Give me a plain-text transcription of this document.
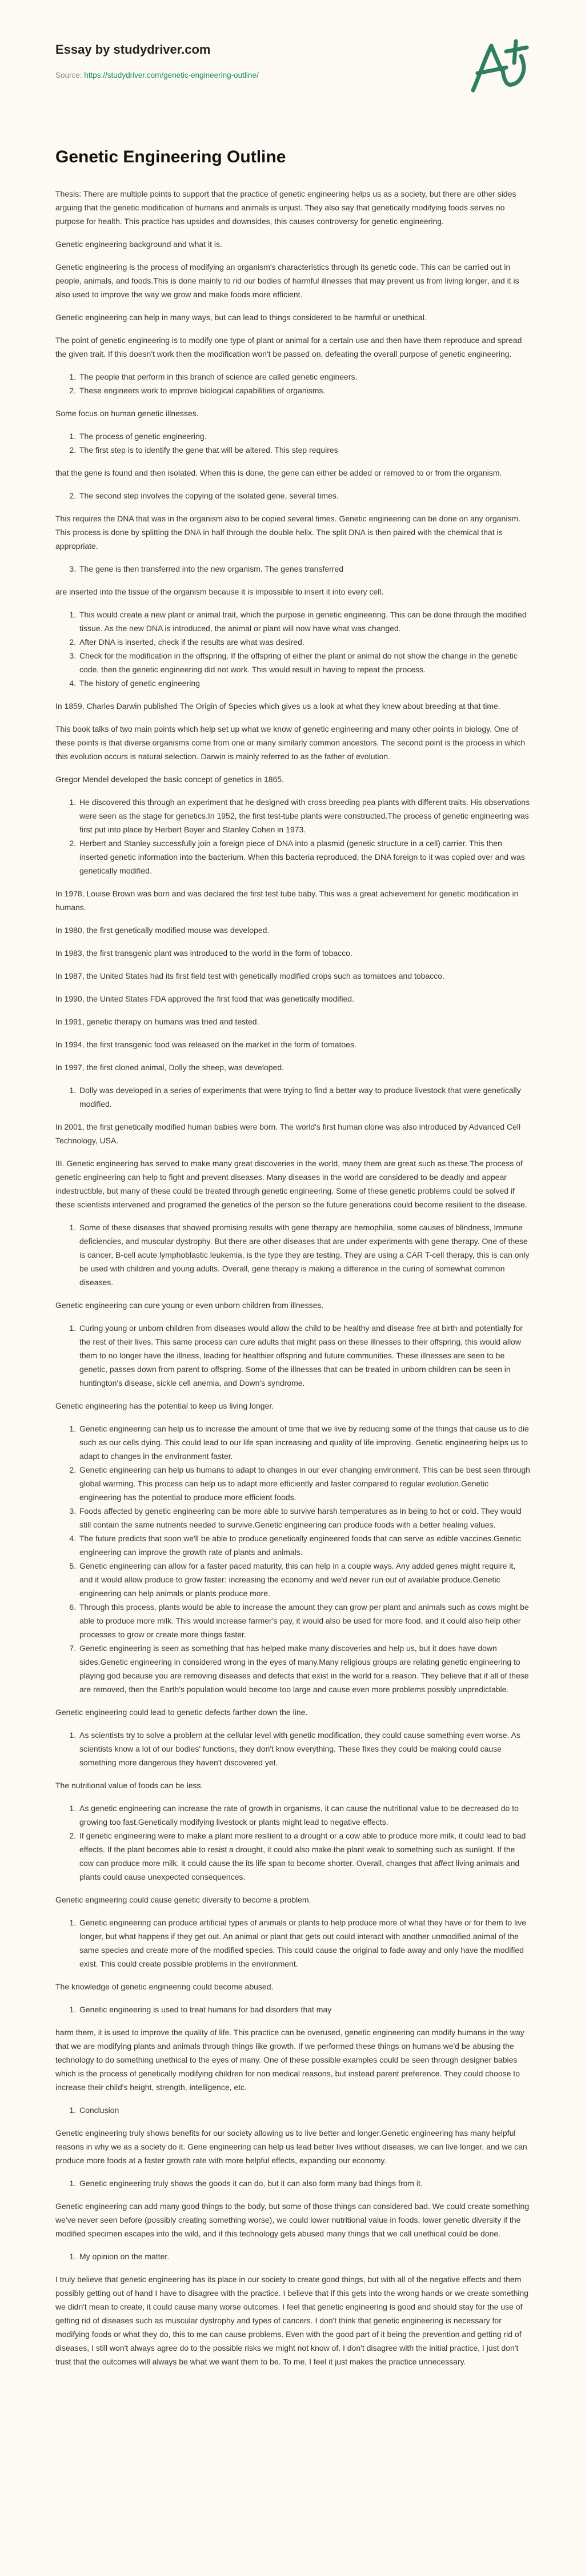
Essay by studydriver.com
Source: https://studydriver.com/genetic-engineering-outline/
Genetic Engineering Outline

Thesis: There are multiple points to support that the practice of genetic engineering helps us as a society, but there are other sides arguing that the genetic modification of humans and animals is unjust. They also say that genetically modifying foods serves no purpose for health. This practice has upsides and downsides, this causes controversy for genetic engineering.

Genetic engineering background and what it is.

Genetic engineering is the process of modifying an organism's characteristics through its genetic code. This can be carried out in people, animals, and foods.This is done mainly to rid our bodies of harmful illnesses that may prevent us from living longer, and it is also used to improve the way we grow and make foods more efficient.

Genetic engineering can help in many ways, but can lead to things considered to be harmful or unethical.

The point of genetic engineering is to modify one type of plant or animal for a certain use and then have them reproduce and spread the given trait. If this doesn't work then the modification won't be passed on, defeating the overall purpose of genetic engineering.

1. The people that perform in this branch of science are called genetic engineers.
2. These engineers work to improve biological capabilities of organisms.

Some focus on human genetic illnesses.

1. The process of genetic engineering.
2. The first step is to identify the gene that will be altered. This step requires

that the gene is found and then isolated. When this is done, the gene can either be added or removed to or from the organism.

2. The second step involves the copying of the isolated gene, several times.

This requires the DNA that was in the organism also to be copied several times. Genetic engineering can be done on any organism. This process is done by splitting the DNA in half through the double helix. The split DNA is then paired with the chemical that is appropriate.

3. The gene is then transferred into the new organism. The genes transferred

are inserted into the tissue of the organism because it is impossible to insert it into every cell.

1. This would create a new plant or animal trait, which the purpose in genetic engineering. This can be done through the modified tissue. As the new DNA is introduced, the animal or plant will now have what was changed.
2. After DNA is inserted, check if the results are what was desired.
3. Check for the modification in the offspring. If the offspring of either the plant or animal do not show the change in the genetic code, then the genetic engineering did not work. This would result in having to repeat the process.
4. The history of genetic engineering

In 1859, Charles Darwin published The Origin of Species which gives us a look at what they knew about breeding at that time.

This book talks of two main points which help set up what we know of genetic engineering and many other points in biology. One of these points is that diverse organisms come from one or many similarly common ancestors. The second point is the process in which this evolution occurs is natural selection. Darwin is mainly referred to as the father of evolution.

Gregor Mendel developed the basic concept of genetics in 1865.

1. He discovered this through an experiment that he designed with cross breeding pea plants with different traits. His observations were seen as the stage for genetics.In 1952, the first test-tube plants were constructed.The process of genetic engineering was first put into place by Herbert Boyer and Stanley Cohen in 1973.
2. Herbert and Stanley successfully join a foreign piece of DNA into a plasmid (genetic structure in a cell) carrier. This then inserted genetic information into the bacterium. When this bacteria reproduced, the DNA foreign to it was copied over and was genetically modified.

In 1978, Louise Brown was born and was declared the first test tube baby. This was a great achievement for genetic modification in humans.

In 1980, the first genetically modified mouse was developed.

In 1983, the first transgenic plant was introduced to the world in the form of tobacco.

In 1987, the United States had its first field test with genetically modified crops such as tomatoes and tobacco.

In 1990, the United States FDA approved the first food that was genetically modified.

In 1991, genetic therapy on humans was tried and tested.

In 1994, the first transgenic food was released on the market in the form of tomatoes.

In 1997, the first cloned animal, Dolly the sheep, was developed.

1. Dolly was developed in a series of experiments that were trying to find a better way to produce livestock that were genetically modified.

In 2001, the first genetically modified human babies were born. The world's first human clone was also introduced by Advanced Cell Technology, USA.

III. Genetic engineering has served to make many great discoveries in the world, many them are great such as these.The process of genetic engineering can help to fight and prevent diseases. Many diseases in the world are considered to be deadly and appear indestructible, but many of these could be treated through genetic engineering. Some of these genetic problems could be solved if these scientists intervened and programed the genetics of the person so the future generations could become resilient to the disease.

1. Some of these diseases that showed promising results with gene therapy are hemophilia, some causes of blindness, Immune deficiencies, and muscular dystrophy. But there are other diseases that are under experiments with gene therapy. One of these is cancer, B-cell acute lymphoblastic leukemia, is the type they are testing. They are using a CAR T-cell therapy, this is can only be used with children and young adults. Overall, gene therapy is making a difference in the curing of somewhat common diseases.

Genetic engineering can cure young or even unborn children from illnesses.

1. Curing young or unborn children from diseases would allow the child to be healthy and disease free at birth and potentially for the rest of their lives. This same process can cure adults that might pass on these illnesses to their offspring, this would allow them to no longer have the illness, leading for healthier offspring and future communities. These illnesses are seen to be genetic, passes down from parent to offspring. Some of the illnesses that can be treated in unborn children can be seen in huntington's disease, sickle cell anemia, and Down's syndrome.

Genetic engineering has the potential to keep us living longer.

1. Genetic engineering can help us to increase the amount of time that we live by reducing some of the things that cause us to die such as our cells dying. This could lead to our life span increasing and quality of life improving. Genetic engineering helps us to adapt to changes in the environment faster.
2. Genetic engineering can help us humans to adapt to changes in our ever changing environment. This can be best seen through global warming. This process can help us to adapt more efficiently and faster compared to regular evolution.Genetic engineering has the potential to produce more efficient foods.
3. Foods affected by genetic engineering can be more able to survive harsh temperatures as in being to hot or cold. They would still contain the same nutrients needed to survive.Genetic engineering can produce foods with a better healing values.
4. The future predicts that soon we'll be able to produce genetically engineered foods that can serve as edible vaccines.Genetic engineering can improve the growth rate of plants and animals.
5. Genetic engineering can allow for a faster paced maturity, this can help in a couple ways. Any added genes might require it, and it would allow produce to grow faster: increasing the economy and we'd never run out of available produce.Genetic engineering can help animals or plants produce more.
6. Through this process, plants would be able to increase the amount they can grow per plant and animals such as cows might be able to produce more milk. This would increase farmer's pay, it would also be used for more food, and it could also help other processes to grow or create more things faster.
7. Genetic engineering is seen as something that has helped make many discoveries and help us, but it does have down sides.Genetic engineering in considered wrong in the eyes of many.Many religious groups are relating genetic engineering to playing god because you are removing diseases and defects that exist in the world for a reason. They believe that if all of these are removed, then the Earth's population would become too large and cause even more problems possibly unpredictable.

Genetic engineering could lead to genetic defects farther down the line.

1. As scientists try to solve a problem at the cellular level with genetic modification, they could cause something even worse. As scientists know a lot of our bodies' functions, they don't know everything. These fixes they could be making could cause something more dangerous they haven't discovered yet.

The nutritional value of foods can be less.

1. As genetic engineering can increase the rate of growth in organisms, it can cause the nutritional value to be decreased do to growing too fast.Genetically modifying livestock or plants might lead to negative effects.
2. If genetic engineering were to make a plant more resilient to a drought or a cow able to produce more milk, it could lead to bad effects. If the plant becomes able to resist a drought, it could also make the plant weak to something such as sunlight. If the cow can produce more milk, it could cause the its life span to become shorter. Overall, changes that affect living animals and plants could cause unexpected consequences.

Genetic engineering could cause genetic diversity to become a problem.

1. Genetic engineering can produce artificial types of animals or plants to help produce more of what they have or for them to live longer, but what happens if they get out. An animal or plant that gets out could interact with another unmodified animal of the same species and create more of the modified species. This could cause the original to fade away and only have the modified exist. This could create possible problems in the environment.

The knowledge of genetic engineering could become abused.

1. Genetic engineering is used to treat humans for bad disorders that may

harm them, it is used to improve the quality of life. This practice can be overused, genetic engineering can modify humans in the way that we are modifying plants and animals through things like growth. If we performed these things on humans we'd be abusing the technology to do something unethical to the eyes of many. One of these possible examples could be seen through designer babies which is the process of genetically modifying children for non medical reasons, but instead parent preference. They could choose to increase their child's height, strength, intelligence, etc.

1. Conclusion

Genetic engineering truly shows benefits for our society allowing us to live better and longer.Genetic engineering has many helpful reasons in why we as a society do it. Gene engineering can help us lead better lives without diseases, we can live longer, and we can produce more foods at a faster growth rate with more helpful effects, expanding our economy.

1. Genetic engineering truly shows the goods it can do, but it can also form many bad things from it.

Genetic engineering can add many good things to the body, but some of those things can considered bad. We could create something we've never seen before (possibly creating something worse), we could lower nutritional value in foods, lower genetic diversity if the modified specimen escapes into the wild, and if this technology gets abused many things that we call unethical could be done.

1. My opinion on the matter.

I truly believe that genetic engineering has its place in our society to create good things, but with all of the negative effects and them possibly getting out of hand I have to disagree with the practice. I believe that if this gets into the wrong hands or we create something we didn't mean to create, it could cause many worse outcomes. I feel that genetic engineering is good and should stay for the use of getting rid of diseases such as muscular dystrophy and types of cancers. I don't think that genetic engineering is necessary for modifying foods or what they do, this to me can cause problems. Even with the good part of it being the prevention and getting rid of diseases, I still won't always agree do to the possible risks we might not know of. I don't disagree with the initial practice, I just don't trust that the outcomes will always be what we want them to be. To me, I feel it just makes the practice unnecessary.
